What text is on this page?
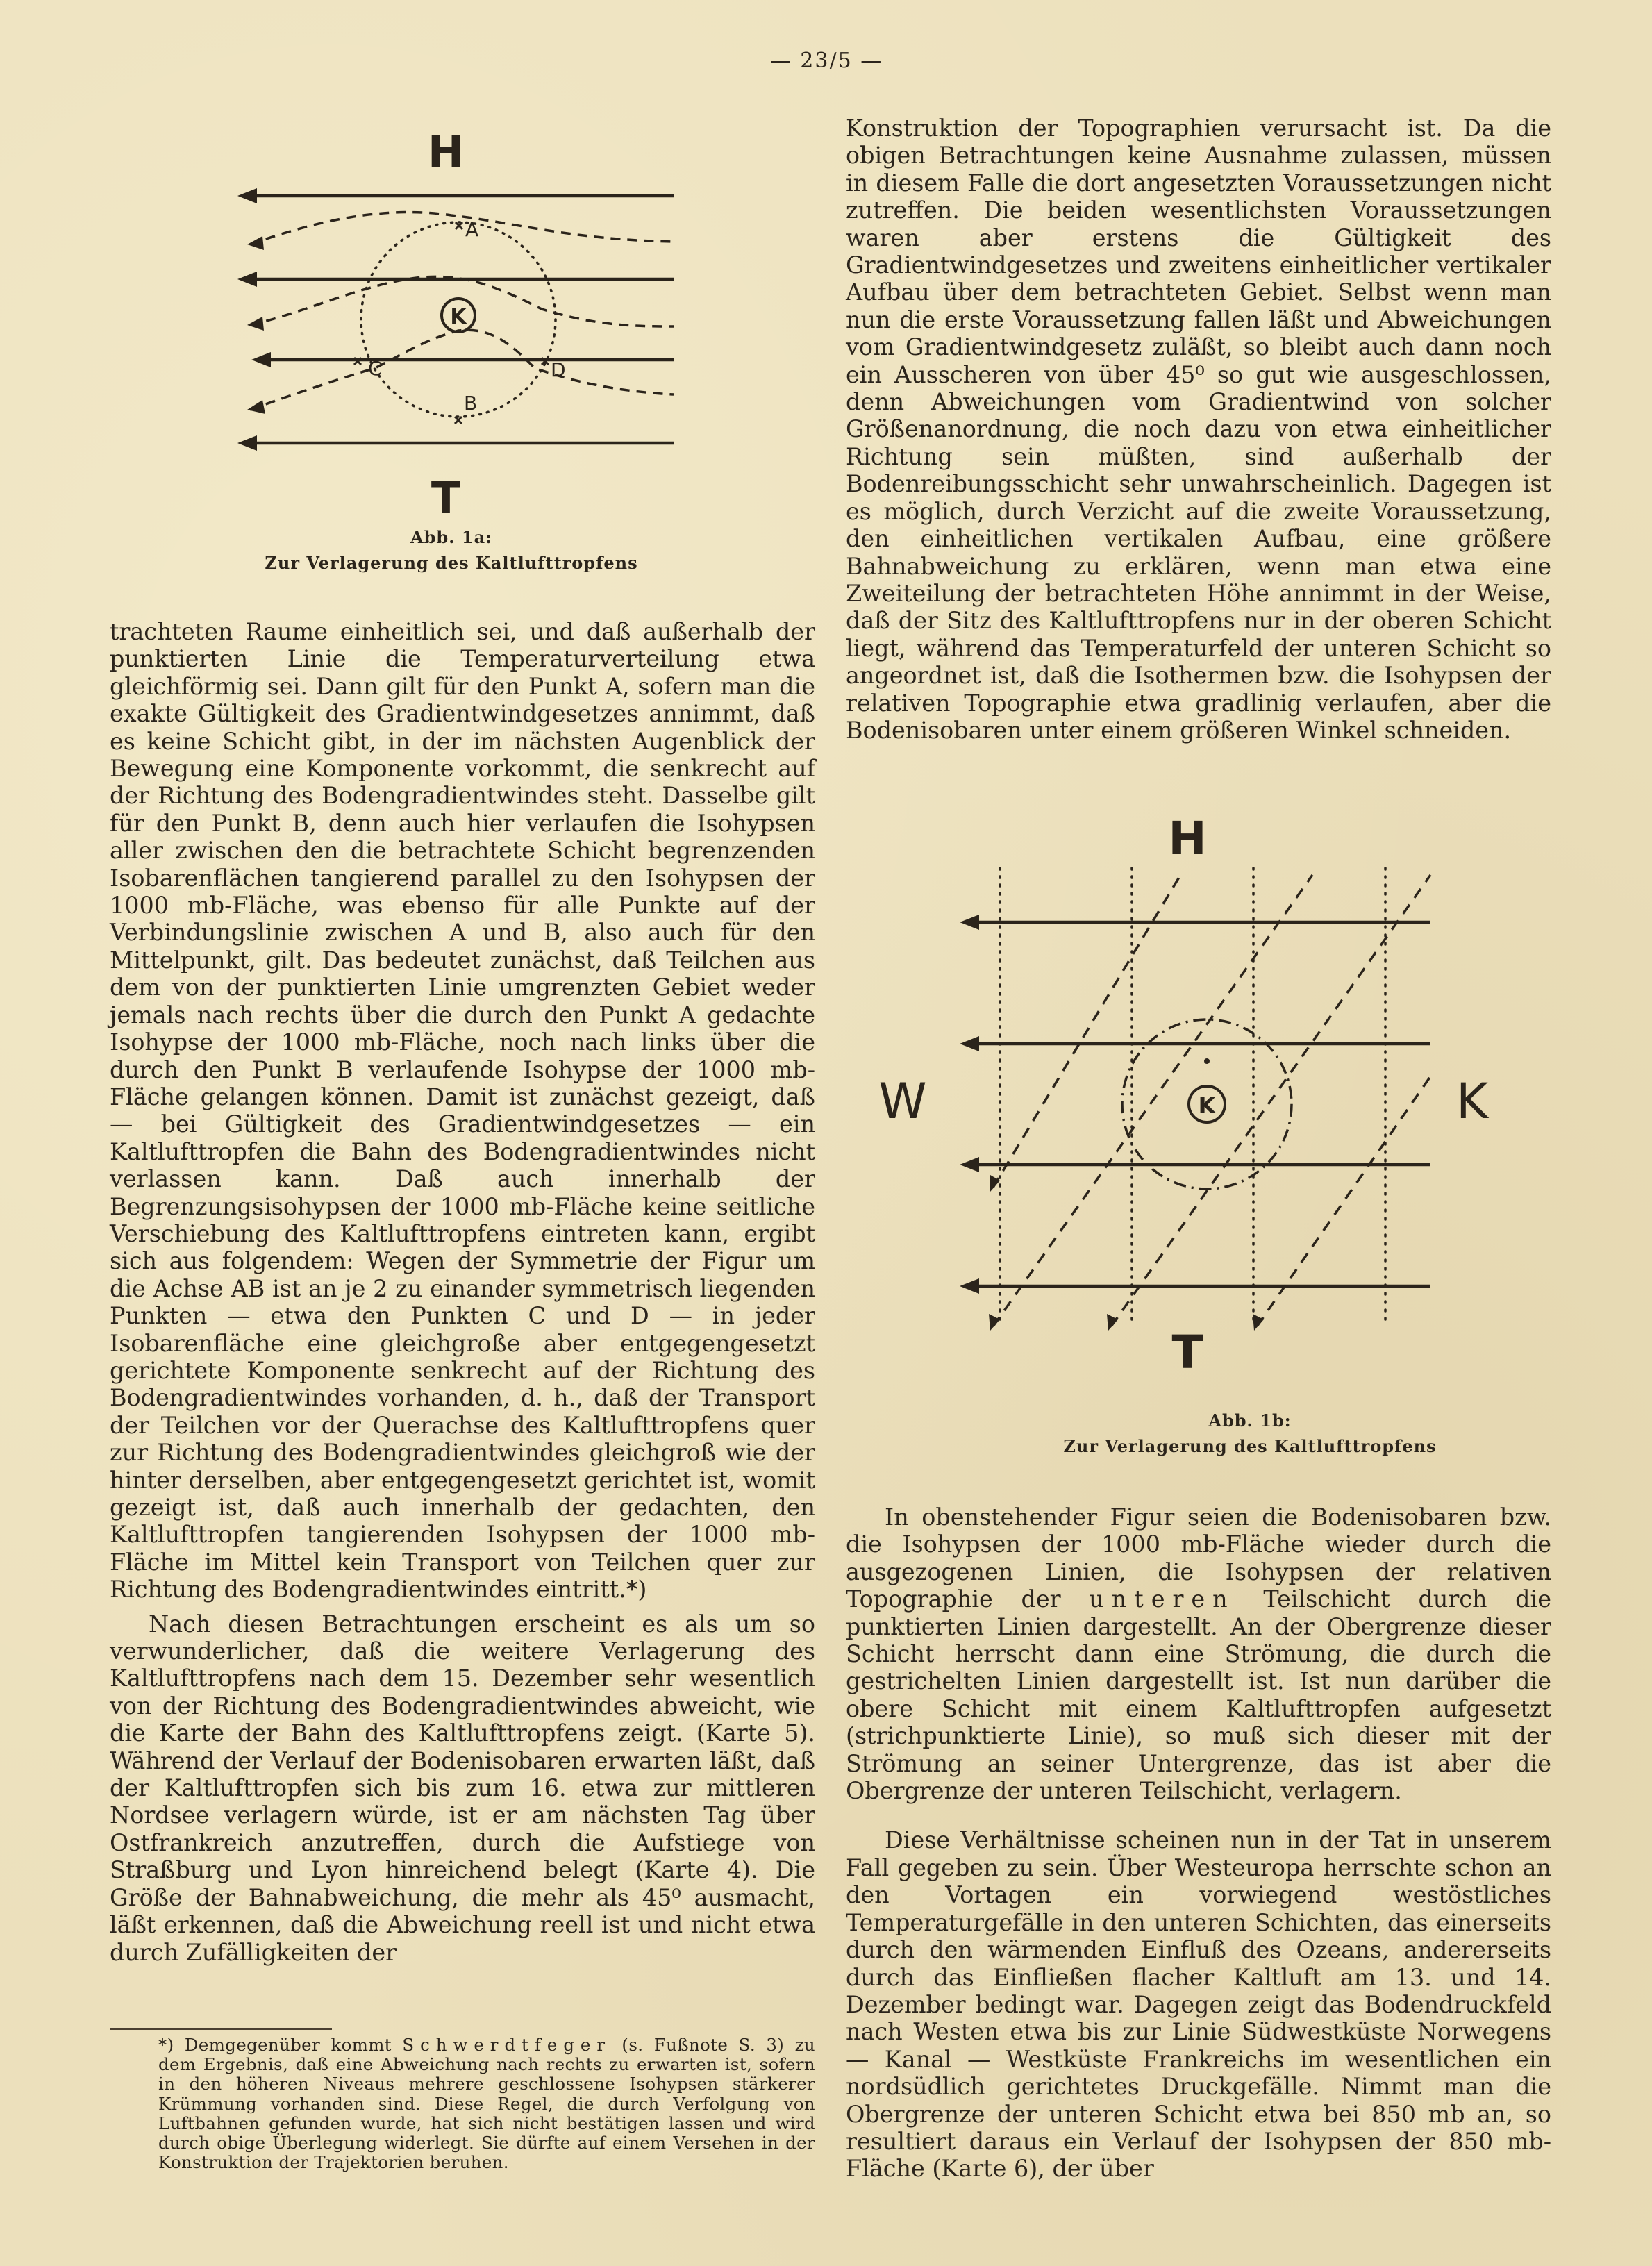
— 23/5 —
K
H
T
A
B
C	D
Abb. 1a:
Zur Verlagerung des Kaltlufttropfens

trachteten Raume einheitlich sei, und daß außerhalb der punktierten Linie die Temperaturverteilung etwa gleichförmig sei. Dann gilt für den Punkt A, sofern man die exakte Gültigkeit des Gradientwindgesetzes annimmt, daß es keine Schicht gibt, in der im nächsten Augenblick der Bewegung eine Komponente vorkommt, die senkrecht auf der Richtung des Bodengradientwindes steht. Dasselbe gilt für den Punkt B, denn auch hier verlaufen die Isohypsen aller zwischen den die betrachtete Schicht begrenzenden Isobarenflächen tangierend parallel zu den Isohypsen der 1000 mb-Fläche, was ebenso für alle Punkte auf der Verbindungslinie zwischen A und B, also auch für den Mittelpunkt, gilt. Das bedeutet zunächst, daß Teilchen aus dem von der punktierten Linie umgrenzten Gebiet weder jemals nach rechts über die durch den Punkt A gedachte Isohypse der 1000 mb-Fläche, noch nach links über die durch den Punkt B verlaufende Isohypse der 1000 mb-Fläche gelangen können. Damit ist zunächst gezeigt, daß — bei Gültigkeit des Gradientwindgesetzes — ein Kaltlufttropfen die Bahn des Bodengradientwindes nicht verlassen kann. Daß auch innerhalb der Begrenzungsisohypsen der 1000 mb-Fläche keine seitliche Verschiebung des Kaltlufttropfens eintreten kann, ergibt sich aus folgendem: Wegen der Symmetrie der Figur um die Achse AB ist an je 2 zu einander symmetrisch liegenden Punkten — etwa den Punkten C und D — in jeder Isobarenfläche eine gleichgroße aber entgegengesetzt gerichtete Komponente senkrecht auf der Richtung des Bodengradientwindes vorhanden, d. h., daß der Transport der Teilchen vor der Querachse des Kaltlufttropfens quer zur Richtung des Bodengradientwindes gleichgroß wie der hinter derselben, aber entgegengesetzt gerichtet ist, womit gezeigt ist, daß auch innerhalb der gedachten, den Kaltlufttropfen tangierenden Isohypsen der 1000 mb-Fläche im Mittel kein Transport von Teilchen quer zur Richtung des Bodengradientwindes eintritt.*)

Nach diesen Betrachtungen erscheint es als um so verwunderlicher, daß die weitere Verlagerung des Kaltlufttropfens nach dem 15. Dezember sehr wesentlich von der Richtung des Bodengradientwindes abweicht, wie die Karte der Bahn des Kaltlufttropfens zeigt. (Karte 5). Während der Verlauf der Bodenisobaren erwarten läßt, daß der Kaltlufttropfen sich bis zum 16. etwa zur mittleren Nordsee verlagern würde, ist er am nächsten Tag über Ostfrankreich anzutreffen, durch die Aufstiege von Straßburg und Lyon hinreichend belegt (Karte 4). Die Größe der Bahnabweichung, die mehr als 45⁰ ausmacht, läßt erkennen, daß die Abweichung reell ist und nicht etwa durch Zufälligkeiten der

Konstruktion der Topographien verursacht ist. Da die obigen Betrachtungen keine Ausnahme zulassen, müssen in diesem Falle die dort angesetzten Voraussetzungen nicht zutreffen. Die beiden wesentlichsten Voraussetzungen waren aber erstens die Gültigkeit des Gradientwindgesetzes und zweitens einheitlicher vertikaler Aufbau über dem betrachteten Gebiet. Selbst wenn man nun die erste Voraussetzung fallen läßt und Abweichungen vom Gradientwindgesetz zuläßt, so bleibt auch dann noch ein Ausscheren von über 45⁰ so gut wie ausgeschlossen, denn Abweichungen vom Gradientwind von solcher Größenanordnung, die noch dazu von etwa einheitlicher Richtung sein müßten, sind außerhalb der Bodenreibungsschicht sehr unwahrscheinlich. Dagegen ist es möglich, durch Verzicht auf die zweite Voraussetzung, den einheitlichen vertikalen Aufbau, eine größere Bahnabweichung zu erklären, wenn man etwa eine Zweiteilung der betrachteten Höhe annimmt in der Weise, daß der Sitz des Kaltlufttropfens nur in der oberen Schicht liegt, während das Temperaturfeld der unteren Schicht so angeordnet ist, daß die Isothermen bzw. die Isohypsen der relativen Topographie etwa gradlinig verlaufen, aber die Bodenisobaren unter einem größeren Winkel schneiden.

K
H
T
W	K
Abb. 1b:
Zur Verlagerung des Kaltlufttropfens

In obenstehender Figur seien die Bodenisobaren bzw. die Isohypsen der 1000 mb-Fläche wieder durch die ausgezogenen Linien, die Isohypsen der relativen Topographie der unteren Teilschicht durch die punktierten Linien dargestellt. An der Obergrenze dieser Schicht herrscht dann eine Strömung, die durch die gestrichelten Linien dargestellt ist. Ist nun darüber die obere Schicht mit einem Kaltlufttropfen aufgesetzt (strichpunktierte Linie), so muß sich dieser mit der Strömung an seiner Untergrenze, das ist aber die Obergrenze der unteren Teilschicht, verlagern.

Diese Verhältnisse scheinen nun in der Tat in unserem Fall gegeben zu sein. Über Westeuropa herrschte schon an den Vortagen ein vorwiegend westöstliches Temperaturgefälle in den unteren Schichten, das einerseits durch den wärmenden Einfluß des Ozeans, andererseits durch das Einfließen flacher Kaltluft am 13. und 14. Dezember bedingt war. Dagegen zeigt das Bodendruckfeld nach Westen etwa bis zur Linie Südwestküste Norwegens — Kanal — Westküste Frankreichs im wesentlichen ein nordsüdlich gerichtetes Druckgefälle. Nimmt man die Obergrenze der unteren Schicht etwa bei 850 mb an, so resultiert daraus ein Verlauf der Isohypsen der 850 mb-Fläche (Karte 6), der über

*) Demgegenüber kommt Schwerdtfeger (s. Fußnote S. 3) zu dem Ergebnis, daß eine Abweichung nach rechts zu erwarten ist, sofern in den höheren Niveaus mehrere geschlossene Isohypsen stärkerer Krümmung vorhanden sind. Diese Regel, die durch Verfolgung von Luftbahnen gefunden wurde, hat sich nicht bestätigen lassen und wird durch obige Überlegung widerlegt. Sie dürfte auf einem Versehen in der Konstruktion der Trajektorien beruhen.
